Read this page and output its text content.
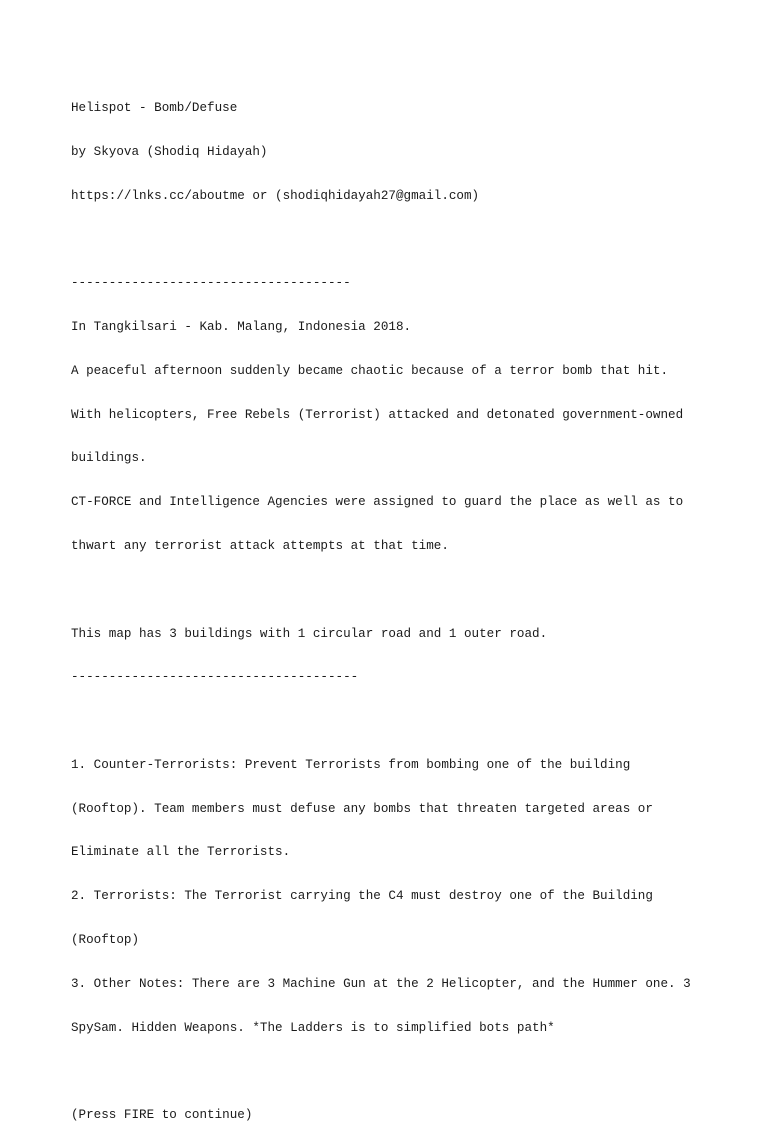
Helispot - Bomb/Defuse

by Skyova (Shodiq Hidayah)

https://lnks.cc/aboutme or (shodiqhidayah27@gmail.com)

-------------------------------------

In Tangkilsari - Kab. Malang, Indonesia 2018.

A peaceful afternoon suddenly became chaotic because of a terror bomb that hit.

With helicopters, Free Rebels (Terrorist) attacked and detonated government-owned

buildings.

CT-FORCE and Intelligence Agencies were assigned to guard the place as well as to

thwart any terrorist attack attempts at that time.

This map has 3 buildings with 1 circular road and 1 outer road.

--------------------------------------

1. Counter-Terrorists: Prevent Terrorists from bombing one of the building

(Rooftop). Team members must defuse any bombs that threaten targeted areas or

Eliminate all the Terrorists.

2. Terrorists: The Terrorist carrying the C4 must destroy one of the Building

(Rooftop)

3. Other Notes: There are 3 Machine Gun at the 2 Helicopter, and the Hummer one. 3

SpySam. Hidden Weapons. *The Ladders is to simplified bots path*

(Press FIRE to continue)
